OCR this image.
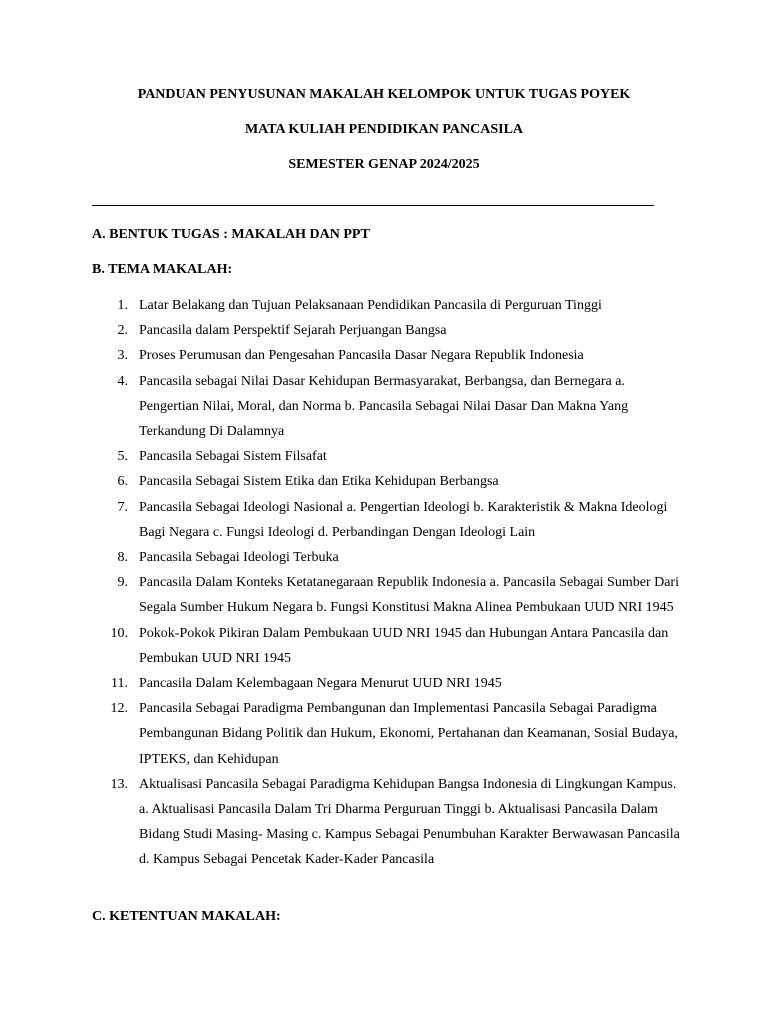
PANDUAN PENYUSUNAN MAKALAH KELOMPOK UNTUK TUGAS POYEK

MATA KULIAH PENDIDIKAN PANCASILA

SEMESTER GENAP 2024/2025

A. BENTUK TUGAS : MAKALAH DAN PPT

B. TEMA MAKALAH:

1. Latar Belakang dan Tujuan Pelaksanaan Pendidikan Pancasila di Perguruan Tinggi
2. Pancasila dalam Perspektif Sejarah Perjuangan Bangsa
3. Proses Perumusan dan Pengesahan Pancasila Dasar Negara Republik Indonesia
4. Pancasila sebagai Nilai Dasar Kehidupan Bermasyarakat, Berbangsa, dan Bernegara a. Pengertian Nilai, Moral, dan Norma b. Pancasila Sebagai Nilai Dasar Dan Makna Yang Terkandung Di Dalamnya
5. Pancasila Sebagai Sistem Filsafat
6. Pancasila Sebagai Sistem Etika dan Etika Kehidupan Berbangsa
7. Pancasila Sebagai Ideologi Nasional a. Pengertian Ideologi b. Karakteristik & Makna Ideologi Bagi Negara c. Fungsi Ideologi d. Perbandingan Dengan Ideologi Lain
8. Pancasila Sebagai Ideologi Terbuka
9. Pancasila Dalam Konteks Ketatanegaraan Republik Indonesia a. Pancasila Sebagai Sumber Dari Segala Sumber Hukum Negara b. Fungsi Konstitusi Makna Alinea Pembukaan UUD NRI 1945
10. Pokok-Pokok Pikiran Dalam Pembukaan UUD NRI 1945 dan Hubungan Antara Pancasila dan Pembukan UUD NRI 1945
11. Pancasila Dalam Kelembagaan Negara Menurut UUD NRI 1945
12. Pancasila Sebagai Paradigma Pembangunan dan Implementasi Pancasila Sebagai Paradigma Pembangunan Bidang Politik dan Hukum, Ekonomi, Pertahanan dan Keamanan, Sosial Budaya, IPTEKS, dan Kehidupan
13. Aktualisasi Pancasila Sebagai Paradigma Kehidupan Bangsa Indonesia di Lingkungan Kampus. a. Aktualisasi Pancasila Dalam Tri Dharma Perguruan Tinggi b. Aktualisasi Pancasila Dalam Bidang Studi Masing- Masing c. Kampus Sebagai Penumbuhan Karakter Berwawasan Pancasila d. Kampus Sebagai Pencetak Kader-Kader Pancasila

C. KETENTUAN MAKALAH:
